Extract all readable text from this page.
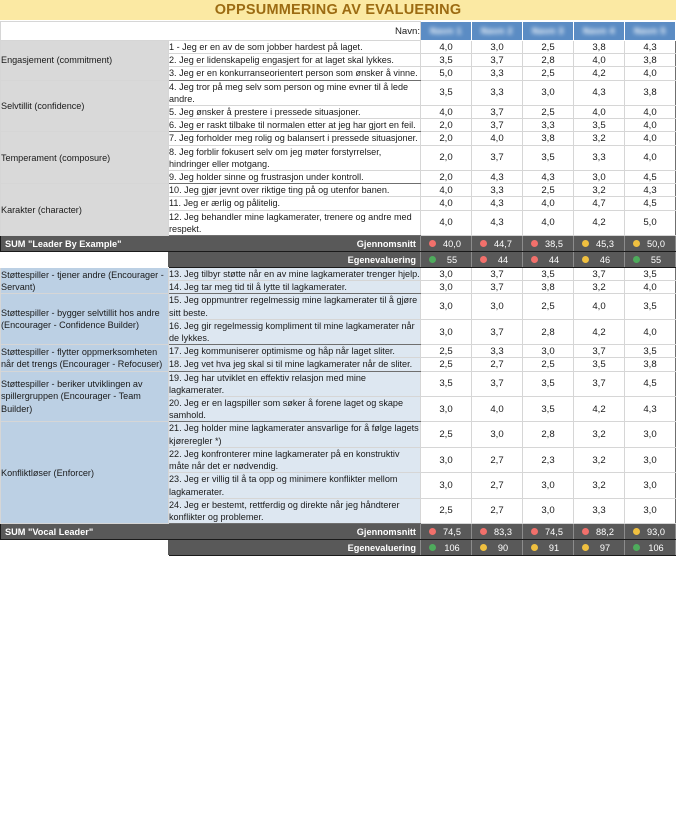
OPPSUMMERING AV EVALUERING
	Navn:	Navn 1	Navn 2	Navn 3	Navn 4	Navn 5

Engasjement (commitment)	1 - Jeg er en av de som jobber hardest på laget.	4,0	3,0	2,5	3,8	4,3
	2. Jeg er lidenskapelig engasjert for at laget skal lykkes.	3,5	3,7	2,8	4,0	3,8
	3. Jeg er en konkurranseorientert person som ønsker å vinne.	5,0	3,3	2,5	4,2	4,0
Selvtillit (confidence)	4. Jeg tror på meg selv som person og mine evner til å lede andre.	3,5	3,3	3,0	4,3	3,8
	5. Jeg ønsker å prestere i pressede situasjoner.	4,0	3,7	2,5	4,0	4,0
	6. Jeg er raskt tilbake til normalen etter at jeg har gjort en feil.	2,0	3,7	3,3	3,5	4,0
Temperament (composure)	7. Jeg forholder meg rolig og balansert i pressede situasjoner.	2,0	4,0	3,8	3,2	4,0
	8. Jeg forblir fokusert selv om jeg møter forstyrrelser, hindringer eller motgang.	2,0	3,7	3,5	3,3	4,0
	9. Jeg holder sinne og frustrasjon under kontroll.	2,0	4,3	4,3	3,0	4,5
Karakter (character)	10. Jeg gjør jevnt over riktige ting på og utenfor banen.	4,0	3,3	2,5	3,2	4,3
	11. Jeg er ærlig og pålitelig.	4,0	4,3	4,0	4,7	4,5
	12. Jeg behandler mine lagkamerater, trenere og andre med respekt.	4,0	4,3	4,0	4,2	5,0
SUM "Leader By Example"	Gjennomsnitt	40,0	44,7	38,5	45,3	50,0

	Egenevaluering	55	44	44	46	55

Støttespiller - tjener andre (Encourager - Servant)	13. Jeg tilbyr støtte når en av mine lagkamerater trenger hjelp.	3,0	3,7	3,5	3,7	3,5
	14. Jeg tar meg tid til å lytte til lagkamerater.	3,0	3,7	3,8	3,2	4,0
Støttespiller - bygger selvtillit hos andre (Encourager - Confidence Builder)	15. Jeg oppmuntrer regelmessig mine lagkamerater til å gjøre sitt beste.	3,0	3,0	2,5	4,0	3,5
	16. Jeg gir regelmessig kompliment til mine lagkamerater når de lykkes.	3,0	3,7	2,8	4,2	4,0
Støttespiller - flytter oppmerksomheten når det trengs (Encourager - Refocuser)	17. Jeg kommuniserer optimisme og håp når laget sliter.	2,5	3,3	3,0	3,7	3,5
	18. Jeg vet hva jeg skal si til mine lagkamerater når de sliter.	2,5	2,7	2,5	3,5	3,8
Støttespiller - beriker utviklingen av spillergruppen (Encourager - Team Builder)	19. Jeg har utviklet en effektiv relasjon med mine lagkamerater.	3,5	3,7	3,5	3,7	4,5
	20. Jeg er en lagspiller som søker å forene laget og skape samhold.	3,0	4,0	3,5	4,2	4,3
Konfliktløser (Enforcer)	21. Jeg holder mine lagkamerater ansvarlige for å følge lagets kjøreregler *)	2,5	3,0	2,8	3,2	3,0
	22. Jeg konfronterer mine lagkamerater på en konstruktiv måte når det er nødvendig.	3,0	2,7	2,3	3,2	3,0
	23. Jeg er villig til å ta opp og minimere konflikter mellom lagkamerater.	3,0	2,7	3,0	3,2	3,0
	24. Jeg er bestemt, rettferdig og direkte når jeg håndterer konflikter og problemer.	2,5	2,7	3,0	3,3	3,0
SUM "Vocal Leader"	Gjennomsnitt	74,5	83,3	74,5	88,2	93,0

	Egenevaluering	106	90	91	97	106
